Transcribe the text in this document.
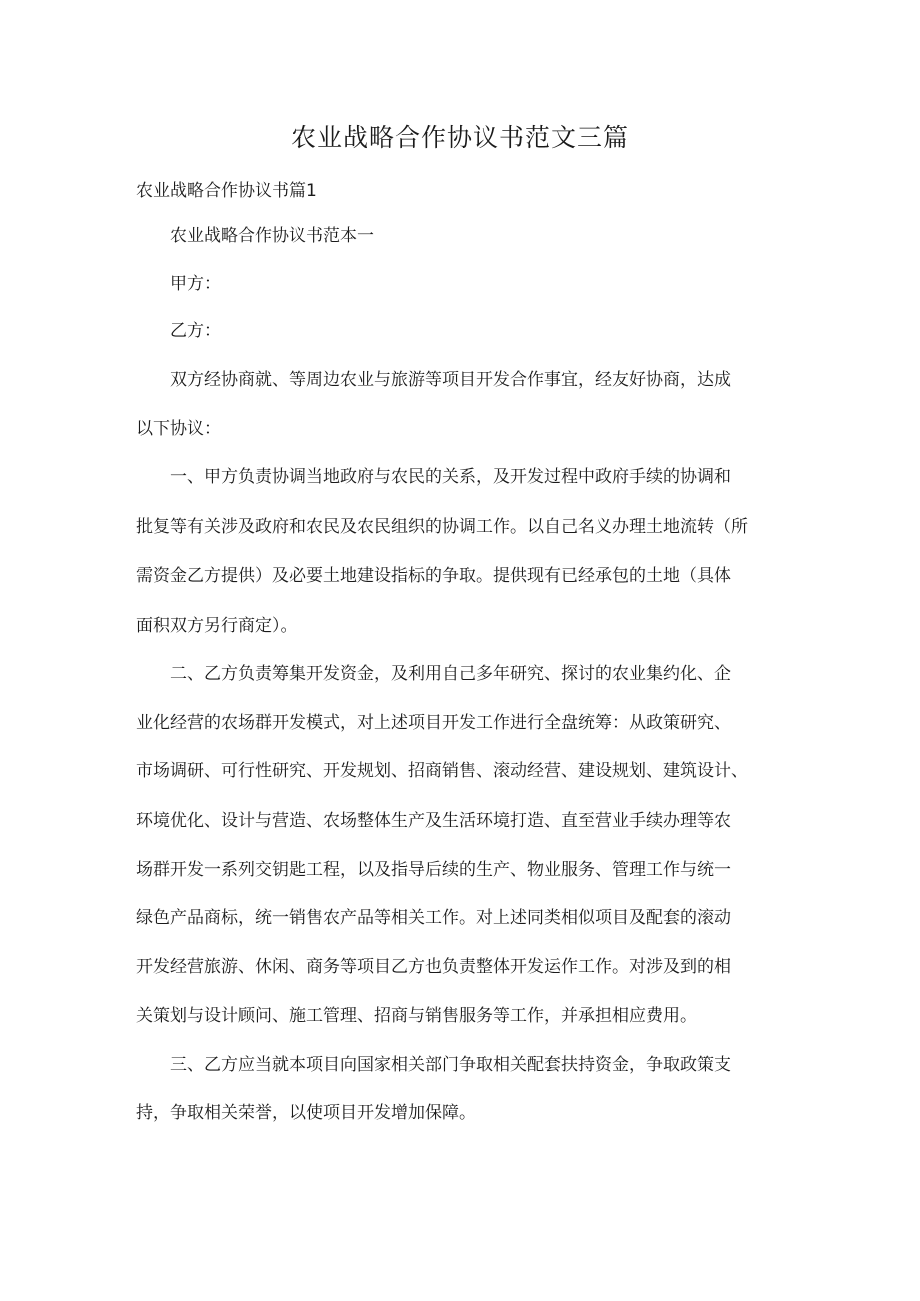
农业战略合作协议书范文三篇
农业战略合作协议书篇1
　　农业战略合作协议书范本一
　　甲方：
　　乙方：
　　双方经协商就、等周边农业与旅游等项目开发合作事宜，经友好协商，达成
以下协议：
　　一、甲方负责协调当地政府与农民的关系，及开发过程中政府手续的协调和
批复等有关涉及政府和农民及农民组织的协调工作。以自己名义办理土地流转（所
需资金乙方提供）及必要土地建设指标的争取。提供现有已经承包的土地（具体
面积双方另行商定）。
　　二、乙方负责筹集开发资金，及利用自己多年研究、探讨的农业集约化、企
业化经营的农场群开发模式，对上述项目开发工作进行全盘统筹：从政策研究、
市场调研、可行性研究、开发规划、招商销售、滚动经营、建设规划、建筑设计、
环境优化、设计与营造、农场整体生产及生活环境打造、直至营业手续办理等农
场群开发一系列交钥匙工程，以及指导后续的生产、物业服务、管理工作与统一
绿色产品商标，统一销售农产品等相关工作。对上述同类相似项目及配套的滚动
开发经营旅游、休闲、商务等项目乙方也负责整体开发运作工作。对涉及到的相
关策划与设计顾问、施工管理、招商与销售服务等工作，并承担相应费用。
　　三、乙方应当就本项目向国家相关部门争取相关配套扶持资金，争取政策支
持，争取相关荣誉，以使项目开发增加保障。
